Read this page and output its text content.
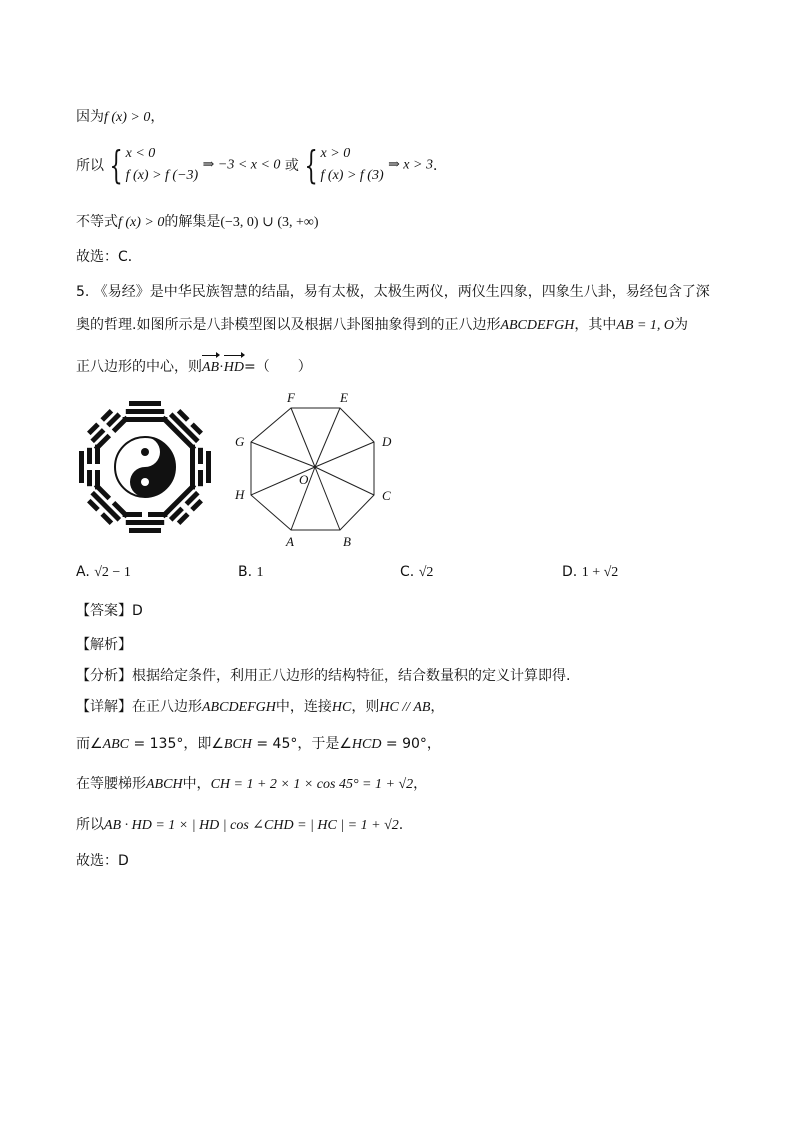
因为f (x) > 0，
所以 { x < 0
f (x) > f (−3)
⇒ −3 < x < 0 或 { x > 0
f (x) > f (3)
⇒ x > 3．
不等式f (x) > 0的解集是(−3, 0) ∪ (3, +∞)
故选：C．
5. 《易经》是中华民族智慧的结晶，易有太极，太极生两仪，两仪生四象，四象生八卦，易经包含了深
奥的哲理.如图所示是八卦模型图以及根据八卦图抽象得到的正八边形ABCDEFGH，其中AB = 1, O为
正八边形的中心，则AB·HD=（　　）
A	B
C
D
E
F
G
H
O
A. √2 − 1	B. 1	C. √2	D. 1 + √2
【答案】D
【解析】
【分析】根据给定条件，利用正八边形的结构特征，结合数量积的定义计算即得.
【详解】在正八边形ABCDEFGH中，连接HC，则HC // AB，
而∠ABC = 135°，即∠BCH = 45°，于是∠HCD = 90°，
在等腰梯形ABCH中，CH = 1 + 2 × 1 × cos 45° = 1 + √2，
所以AB · HD = 1 × | HD | cos ∠CHD = | HC | = 1 + √2.
故选：D
